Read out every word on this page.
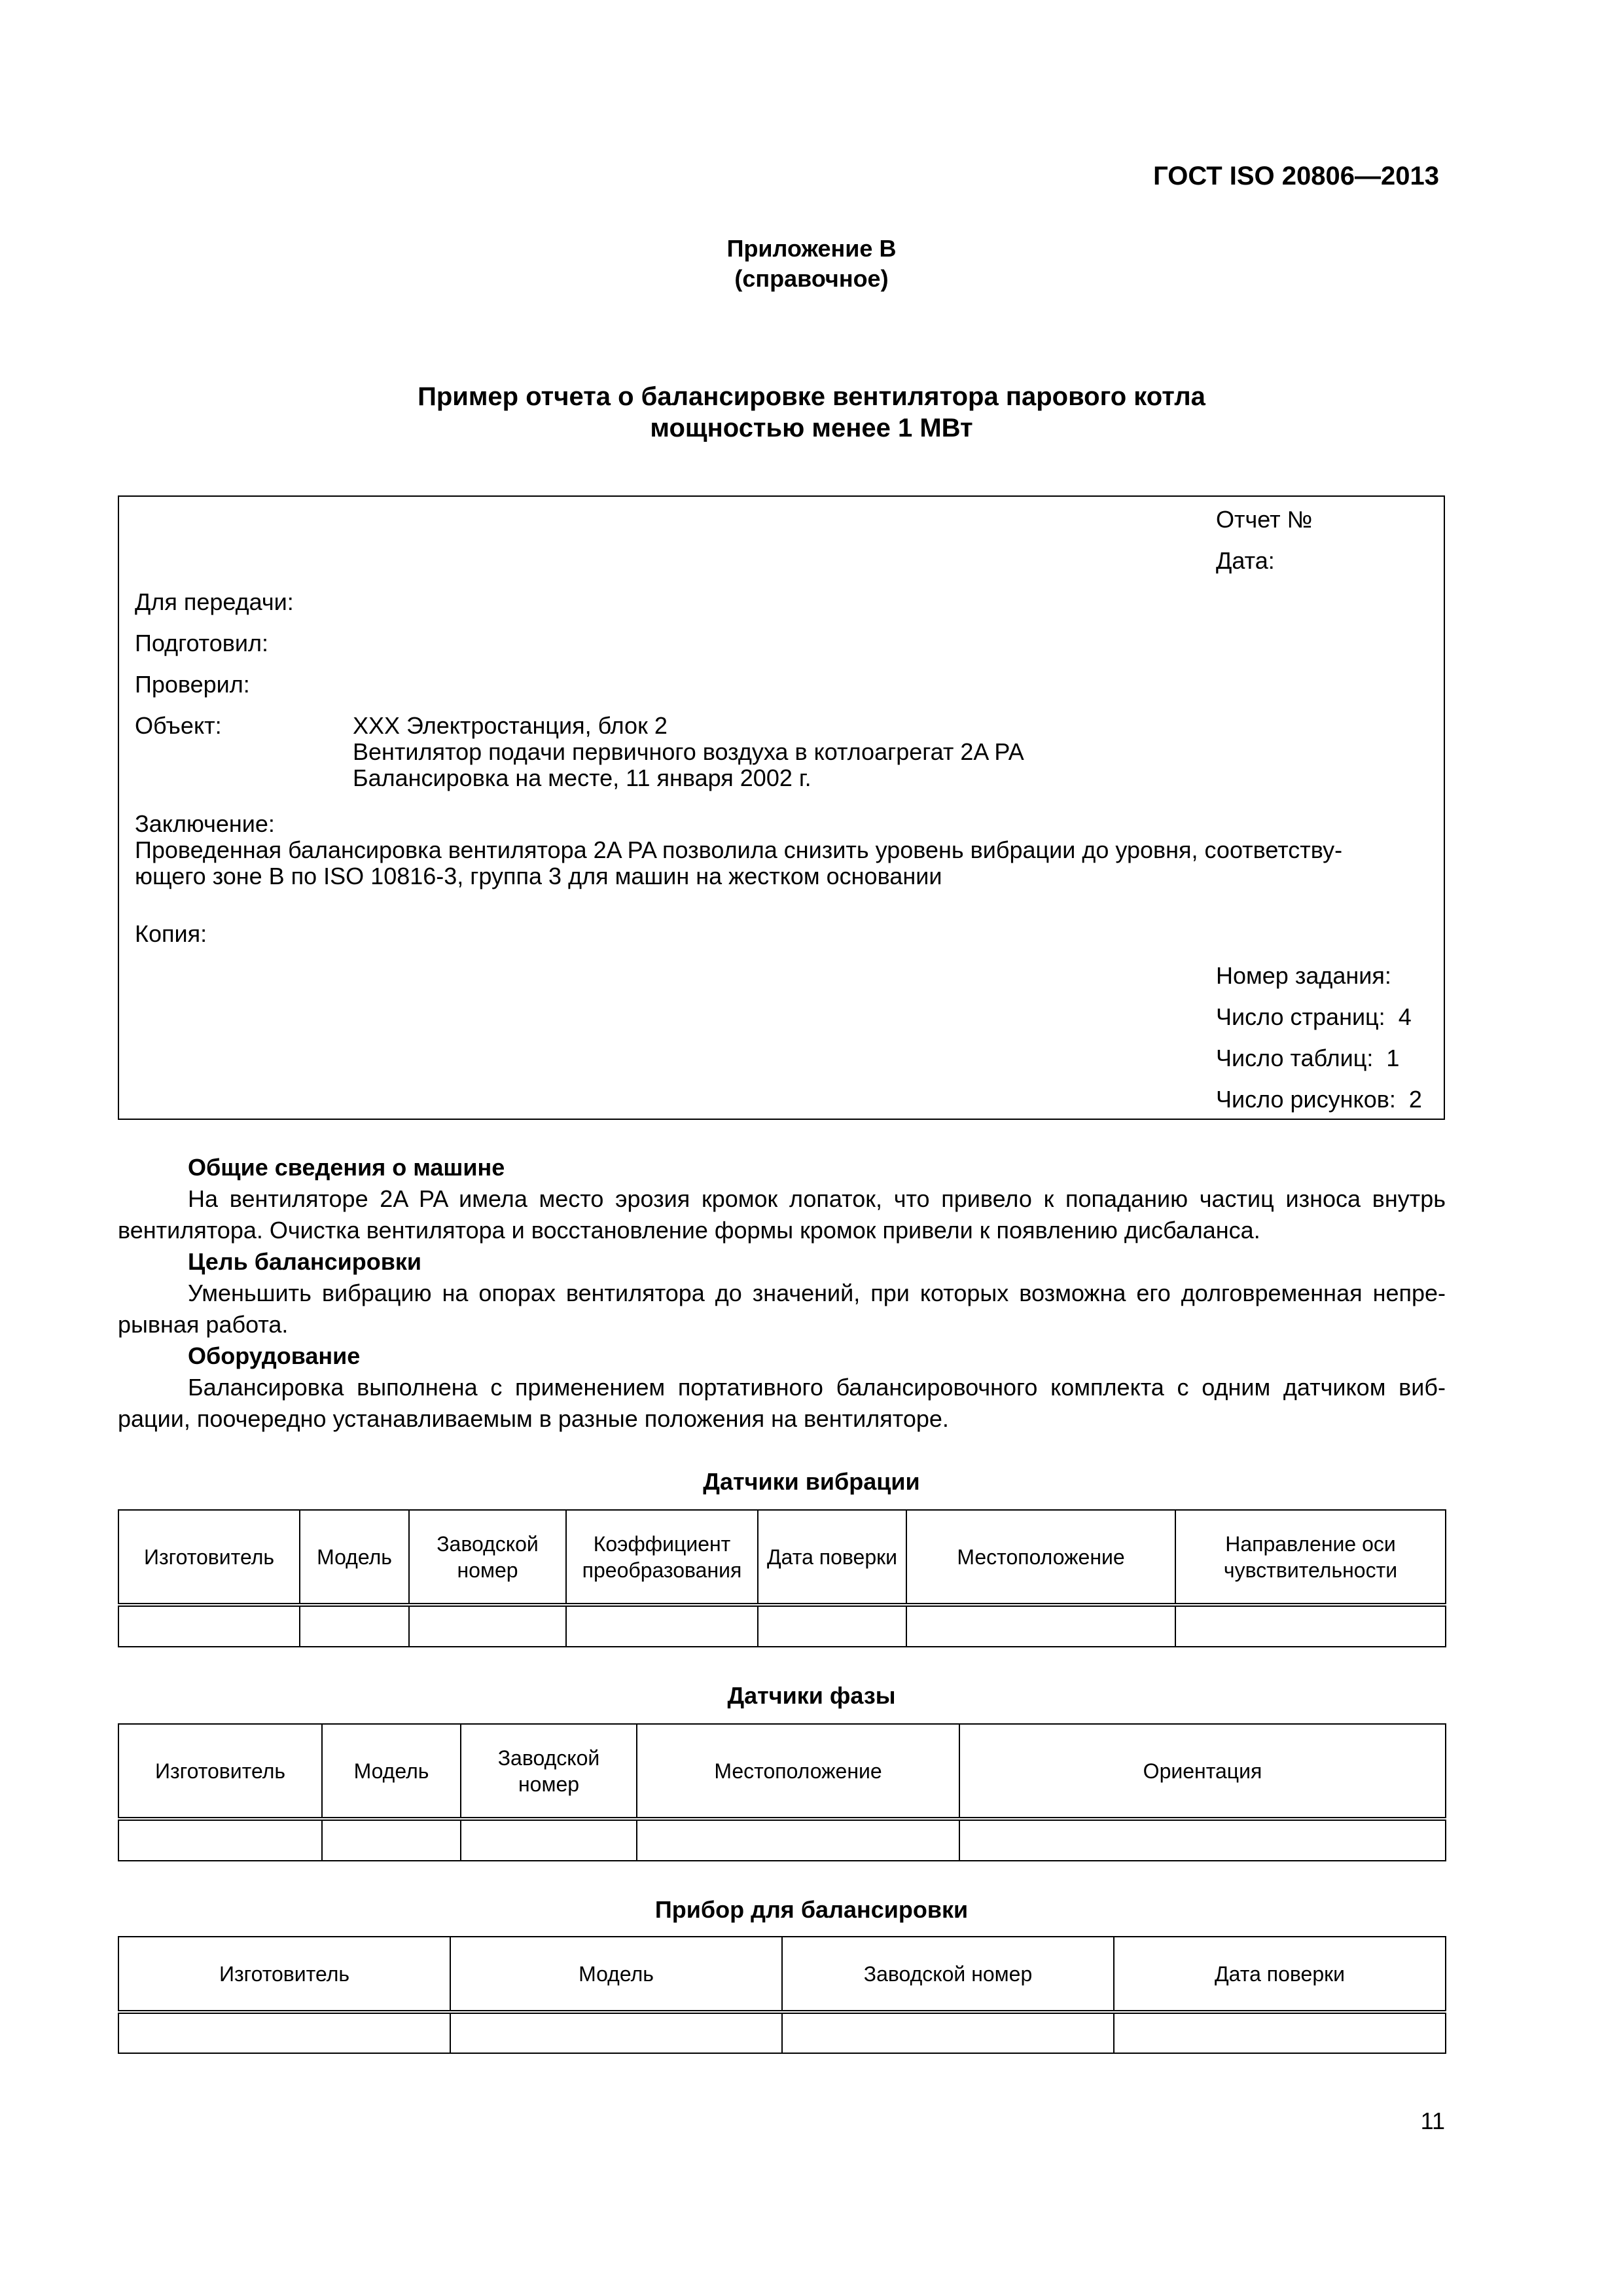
ГОСТ ISO 20806—2013
Приложение B
(справочное)
Пример отчета о балансировке вентилятора парового котла
мощностью менее 1 МВт
Отчет №
Дата:
Для передачи:
Подготовил:
Проверил:
Объект:	XXX Электростанция, блок 2
Вентилятор подачи первичного воздуха в котлоагрегат 2A PA
Балансировка на месте, 11 января 2002 г.
Заключение:
Проведенная балансировка вентилятора 2A PA позволила снизить уровень вибрации до уровня, соответству-
ющего зоне B по ISO 10816-3, группа 3 для машин на жестком основании
Копия:
Номер задания:
Число страниц: 4
Число таблиц: 1
Число рисунков: 2
Общие сведения о машине
На вентиляторе 2A PA имела место эрозия кромок лопаток, что привело к попаданию частиц износа внутрь вентилятора. Очистка вентилятора и восстановление формы кромок привели к появлению дисбаланса.
Цель балансировки
Уменьшить вибрацию на опорах вентилятора до значений, при которых возможна его долговременная непре-рывная работа.
Оборудование
Балансировка выполнена с применением портативного балансировочного комплекта с одним датчиком виб-рации, поочередно устанавливаемым в разные положения на вентиляторе.
Датчики вибрации
Изготовитель	Модель	Заводской номер	Коэффициент преобразования	Дата поверки	Местоположение	Направление оси чувствительности

Датчики фазы
Изготовитель	Модель	Заводской номер	Местоположение	Ориентация

Прибор для балансировки
Изготовитель	Модель	Заводской номер	Дата поверки

11
